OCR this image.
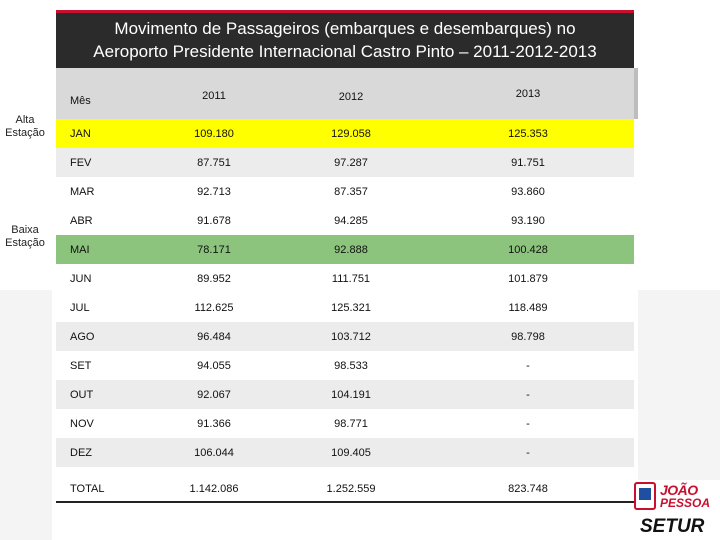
Alta
Estação
Baixa
Estação
Movimento de Passageiros (embarques e desembarques) no
Aeroporto Presidente Internacional Castro Pinto – 2011-2012-2013
Mês	2011	2012	2013
JAN	109.180	129.058	125.353
FEV	87.751	97.287	91.751
MAR	92.713	87.357	93.860
ABR	91.678	94.285	93.190
MAI	78.171	92.888	100.428
JUN	89.952	111.751	101.879
JUL	112.625	125.321	118.489
AGO	96.484	103.712	98.798
SET	94.055	98.533	-
OUT	92.067	104.191	-
NOV	91.366	98.771	-
DEZ	106.044	109.405	-
TOTAL	1.142.086	1.252.559	823.748	JOÃO
PESSOA
SETUR
